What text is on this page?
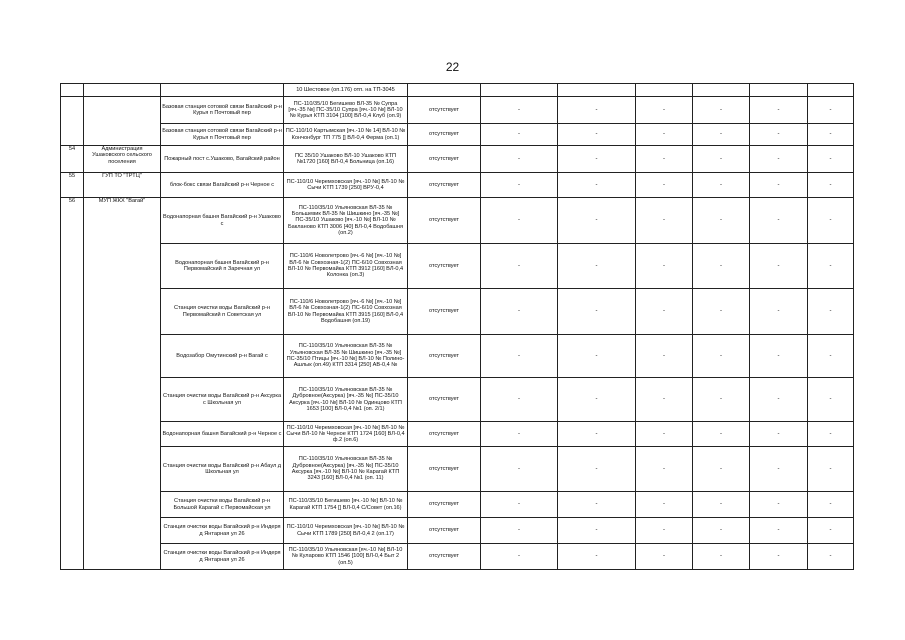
22
			10 Шестовое (оп.176) отп. на ТП-3045							
		Базовая станция сотовой связи Вагайский р-н Курья п Почтовый пер	ПС-110/35/10 Бегишево ВЛ-35 № Супра [яч.-35 №] ПС-35/10 Супра [яч.-10 №] ВЛ-10 № Курья КТП 3104 [100] ВЛ-0,4 Клуб (оп.9)	отсутствует	-	-	-	-	-	-
		Базовая станция сотовой связи Вагайский р-н Курья п Почтовый пер	ПС-110/10 Картымская [яч.-10 № 14] ВЛ-10 № Кончонбург ТП 775 [] ВЛ-0,4 Ферма (оп.1)	отсутствует	-	-	-	-	-	-
54	Администрация Ушаковского сельского поселения	Пожарный пост с.Ушаково, Вагайский район	ПС 35/10 Ушаково ВЛ-10 Ушаково КТП №1720 [160] ВЛ-0,4 Больница (оп.16)	отсутствует	-	-	-	-	-	-
55	ГУП ТО "ТРТЦ"	блок-бокс связи Вагайский р-н Черное с	ПС-110/10 Черемховская [яч.-10 №] ВЛ-10 № Сычи КТП 1739 [250] ВРУ-0,4	отсутствует	-	-	-	-	-	-
56	МУП ЖКХ "Вагай"	Водонапорная башня Вагайский р-н Ушаково с	ПС-110/35/10 Ульяновская ВЛ-35 № Большевик ВЛ-35 № Шишкино [яч.-35 №] ПС-35/10 Ушаково [яч.-10 №] ВЛ-10 № Бакланово КТП 3006 [40] ВЛ-0,4 Водобашня (оп.2)	отсутствует	-	-	-	-	-	-
		Водонапорная башня Вагайский р-н Первомайский п Заречная ул	ПС-110/6 Новолетрово [яч.-6 №] [яч.-10 №] ВЛ-6 № Совхозная-1(2) ПС-6/10 Совхозная ВЛ-10 № Первомайка КТП 3912 [160] ВЛ-0,4 Колонка (оп.3)	отсутствует	-	-	-	-	-	-
		Станция очистки воды Вагайский р-н Первомайский п Советская ул	ПС-110/6 Новолетрово [яч.-6 №] [яч.-10 №] ВЛ-6 № Совхозная-1(2) ПС-6/10 Совхозная ВЛ-10 № Первомайка КТП 3915 [160] ВЛ-0,4 Водобашня (оп.19)	отсутствует	-	-	-	-	-	-
		Водозабор Омутинский р-н Вагай с	ПС-110/35/10 Ульяновская ВЛ-35 № Ульяновская ВЛ-35 № Шишкино [яч.-35 №] ПС-35/10 Птицы [яч.-10 №] ВЛ-10 № Полино-Ашлык (оп.49) КТП 3314 [250] АВ-0,4 №	отсутствует	-	-	-	-	-	-
		Станция очистки воды Вагайский р-н Аксурка с Школьная ул	ПС-110/35/10 Ульяновская ВЛ-35 № Дубровное(Аксурка) [яч.-35 №] ПС-35/10 Аксурка [яч.-10 №] ВЛ-10 № Одинцово КТП 1653 [100] ВЛ-0,4 №1 (оп. 2/1)	отсутствует	-	-	-	-	-	-
		Водонапорная башня Вагайский р-н Черное с	ПС-110/10 Черемховская [яч.-10 №] ВЛ-10 № Сычи ВЛ-10 № Черное КТП 1724 [160] ВЛ-0,4 ф.2 (оп.6)	отсутствует	-	-	-	-	-	-
		Станция очистки воды Вагайский р-н Абаул д Школьная ул	ПС-110/35/10 Ульяновская ВЛ-35 № Дубровное(Аксурка) [яч.-35 №] ПС-35/10 Аксурка [яч.-10 №] ВЛ-10 № Карагай КТП 3243 [160] ВЛ-0,4 №1 (оп. 11)	отсутствует	-	-	-	-	-	-
		Станция очистки воды Вагайский р-н Большой Карагай с Первомайская ул	ПС-110/35/10 Бегишево [яч.-10 №] ВЛ-10 № Карагай КТП 1754 [] ВЛ-0,4 С/Совет (оп.16)	отсутствует	-	-	-	-	-	-
		Станция очистки воды Вагайский р-н Индеря д Янтарная ул 26	ПС-110/10 Черемховская [яч.-10 №] ВЛ-10 № Сычи КТП 1789 [250] ВЛ-0,4 2 (оп.17)	отсутствует	-	-	-	-	-	-
		Станция очистки воды Вагайский р-н Индеря д Янтарная ул 26	ПС-110/35/10 Ульяновская [яч.-10 №] ВЛ-10 № Куларово КТП 1546 [100] ВЛ-0,4 Быт 2 (оп.5)	отсутствует	-	-	-	-	-	-
